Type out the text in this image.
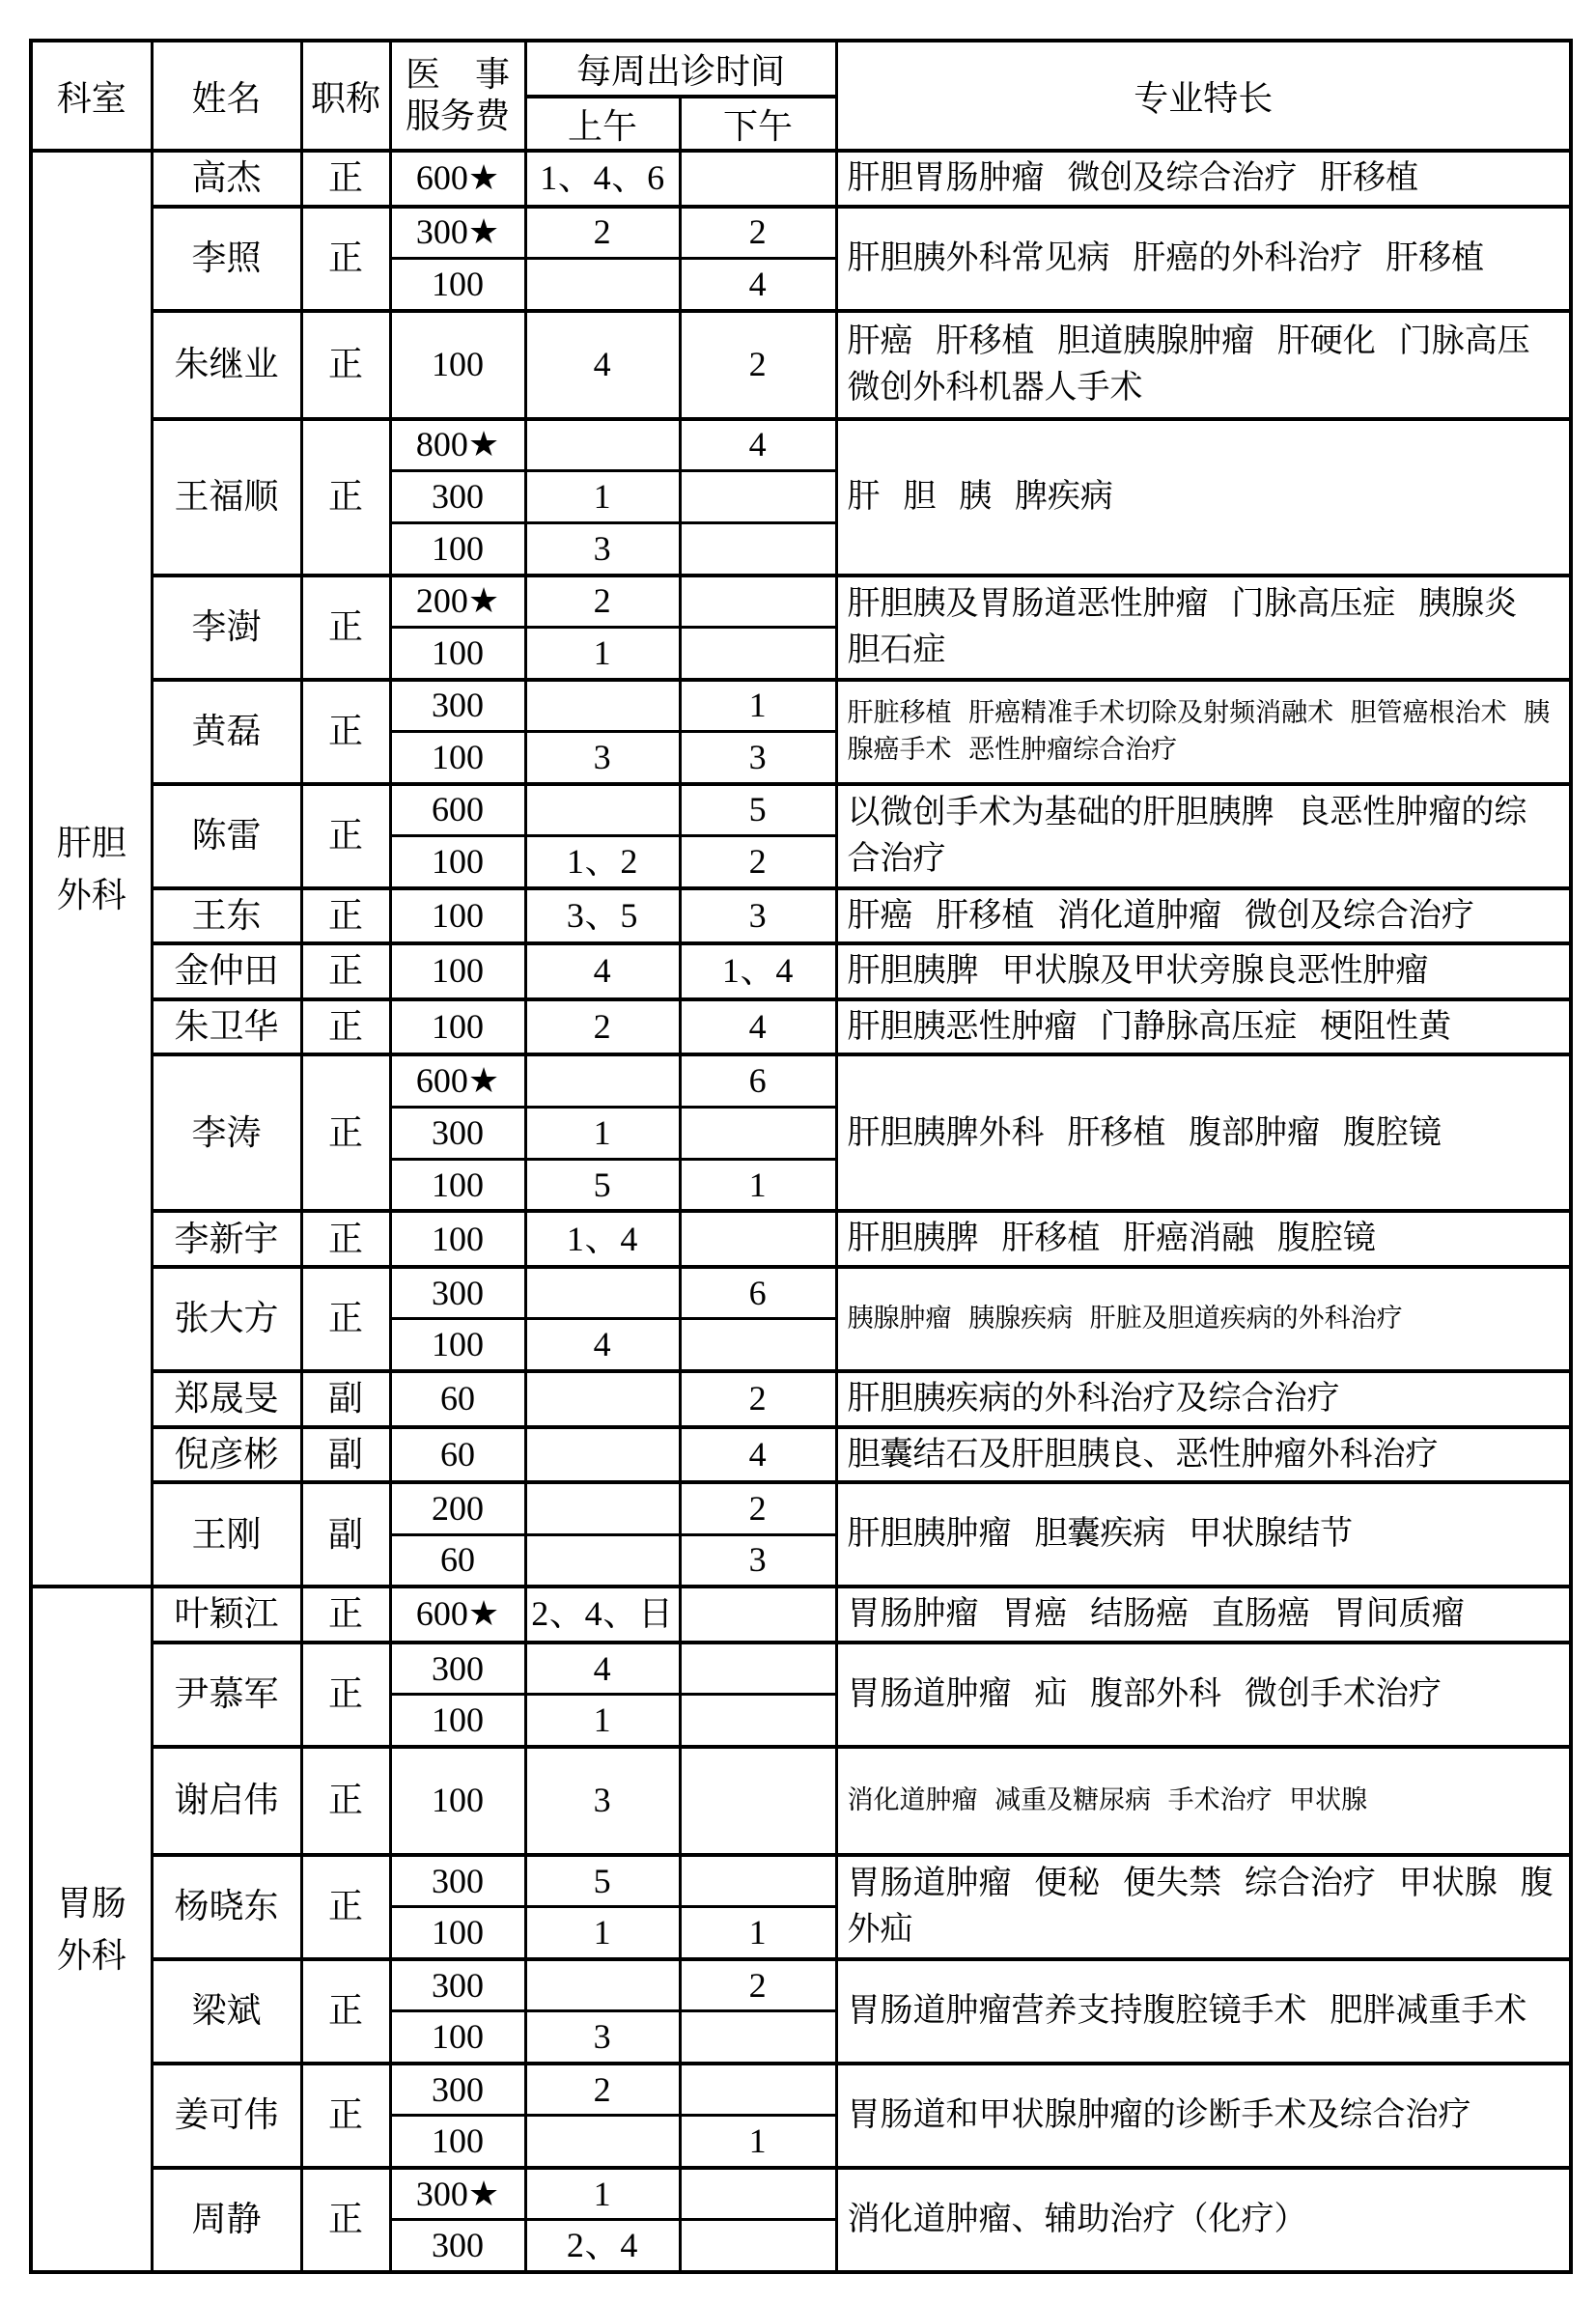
科室	姓名	职称	医　事
服务费	每周出诊时间		专业特长
				上午	下午	
肝胆外科	高杰	正	600★	1、4、6		肝胆胃肠肿瘤 微创及综合治疗 肝移植
	李照	正	300★	2	2	肝胆胰外科常见病 肝癌的外科治疗 肝移植
			100		4	
	朱继业	正	100	4	2	肝癌 肝移植 胆道胰腺肿瘤 肝硬化 门脉高压微创外科机器人手术
	王福顺	正	800★		4	肝 胆 胰 脾疾病
			300	1		
			100	3		
	李澍	正	200★	2		肝胆胰及胃肠道恶性肿瘤 门脉高压症 胰腺炎 胆石症
			100	1		
	黄磊	正	300		1	肝脏移植 肝癌精准手术切除及射频消融术 胆管癌根治术 胰腺癌手术 恶性肿瘤综合治疗
			100	3	3	
	陈雷	正	600		5	以微创手术为基础的肝胆胰脾 良恶性肿瘤的综合治疗
			100	1、2	2	
	王东	正	100	3、5	3	肝癌 肝移植 消化道肿瘤 微创及综合治疗
	金仲田	正	100	4	1、4	肝胆胰脾 甲状腺及甲状旁腺良恶性肿瘤
	朱卫华	正	100	2	4	肝胆胰恶性肿瘤 门静脉高压症 梗阻性黄
	李涛	正	600★		6	肝胆胰脾外科 肝移植 腹部肿瘤 腹腔镜
			300	1		
			100	5	1	
	李新宇	正	100	1、4		肝胆胰脾 肝移植 肝癌消融 腹腔镜
	张大方	正	300		6	胰腺肿瘤 胰腺疾病 肝脏及胆道疾病的外科治疗
			100	4		
	郑晟旻	副	60		2	肝胆胰疾病的外科治疗及综合治疗
	倪彦彬	副	60		4	胆囊结石及肝胆胰良、恶性肿瘤外科治疗
	王刚	副	200		2	肝胆胰肿瘤 胆囊疾病 甲状腺结节
			60		3	
胃肠外科	叶颖江	正	600★	2、4、日		胃肠肿瘤 胃癌 结肠癌 直肠癌 胃间质瘤
	尹慕军	正	300	4		胃肠道肿瘤 疝 腹部外科 微创手术治疗
			100	1		
	谢启伟	正	100	3		消化道肿瘤 减重及糖尿病 手术治疗 甲状腺
	杨晓东	正	300	5		胃肠道肿瘤 便秘 便失禁 综合治疗 甲状腺 腹外疝
			100	1	1	
	梁斌	正	300		2	胃肠道肿瘤营养支持腹腔镜手术 肥胖减重手术
			100	3		
	姜可伟	正	300	2		胃肠道和甲状腺肿瘤的诊断手术及综合治疗
			100		1	
	周静	正	300★	1		消化道肿瘤、辅助治疗（化疗）
			300	2、4		
